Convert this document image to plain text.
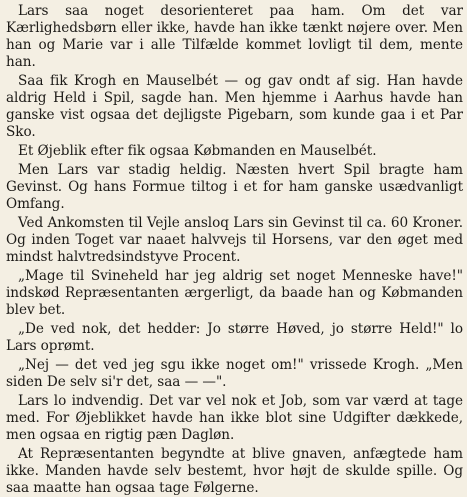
Lars saa noget desorienteret paa ham. Om det var Kærlighedsbørn eller ikke, havde han ikke tænkt nøjere over. Men han og Marie var i alle Tilfælde kommet lovligt til dem, mente han.

Saa fik Krogh en Mauselbét — og gav ondt af sig. Han havde aldrig Held i Spil, sagde han. Men hjemme i Aarhus havde han ganske vist ogsaa det dejligste Pigebarn, som kunde gaa i et Par Sko.

Et Øjeblik efter fik ogsaa Købmanden en Mauselbét.

Men Lars var stadig heldig. Næsten hvert Spil bragte ham Gevinst. Og hans Formue tiltog i et for ham ganske usædvanligt Omfang.

Ved Ankomsten til Vejle ansloq Lars sin Gevinst til ca. 60 Kroner. Og inden Toget var naaet halvvejs til Horsens, var den øget med mindst halvtredsindstyve Procent.

„Mage til Svineheld har jeg aldrig set noget Menneske have!" indskød Repræsentanten ærgerligt, da baade han og Købmanden blev bet.

„De ved nok, det hedder: Jo større Høved, jo større Held!" lo Lars oprømt.

„Nej — det ved jeg sgu ikke noget om!" vrissede Krogh. „Men siden De selv si'r det, saa — —".

Lars lo indvendig. Det var vel nok et Job, som var værd at tage med. For Øjeblikket havde han ikke blot sine Udgifter dækkede, men ogsaa en rigtig pæn Dagløn.

At Repræsentanten begyndte at blive gnaven, anfægtede ham ikke. Manden havde selv bestemt, hvor højt de skulde spille. Og saa maatte han ogsaa tage Følgerne.
